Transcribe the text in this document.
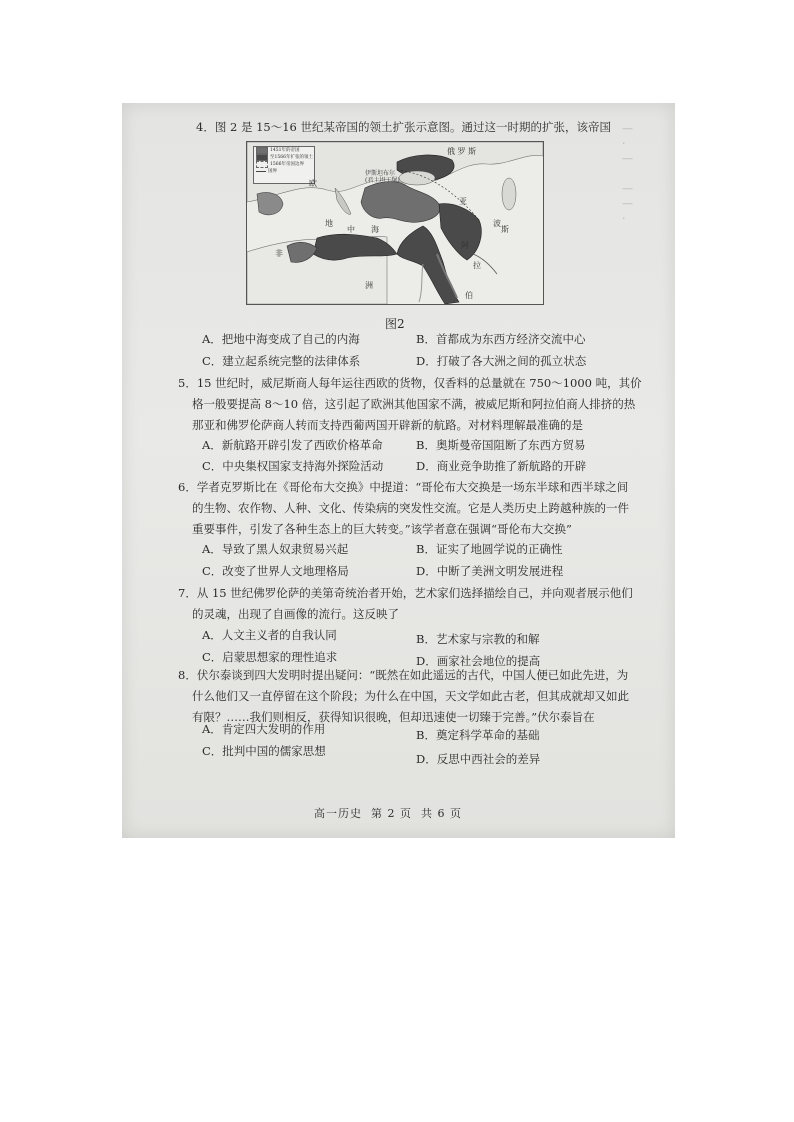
—
·
—

—
—
·

4．图 2 是 15～16 世纪某帝国的领土扩张示意图。通过这一时期的扩张，该帝国

1451年的帝国
至1566年扩张的领土
1566年帝国边界
国界
俄 罗 斯
伊斯坦布尔
(君士坦丁堡)
欧
地
中 海
亚
波
斯
非
洲
阿
拉
伯
图2
A．把地中海变成了自己的内海	B．首都成为东西方经济交流中心
C．建立起系统完整的法律体系	D．打破了各大洲之间的孤立状态

5．15 世纪时，威尼斯商人每年运往西欧的货物，仅香料的总量就在 750～1000 吨，其价

格一般要提高 8～10 倍，这引起了欧洲其他国家不满，被威尼斯和阿拉伯商人排挤的热

那亚和佛罗伦萨商人转而支持西葡两国开辟新的航路。对材料理解最准确的是

A．新航路开辟引发了西欧价格革命	B．奥斯曼帝国阻断了东西方贸易
C．中央集权国家支持海外探险活动	D．商业竞争助推了新航路的开辟

6．学者克罗斯比在《哥伦布大交换》中提道：“哥伦布大交换是一场东半球和西半球之间

的生物、农作物、人种、文化、传染病的突发性交流。它是人类历史上跨越种族的一件

重要事件，引发了各种生态上的巨大转变。”该学者意在强调“哥伦布大交换”

A．导致了黑人奴隶贸易兴起	B．证实了地圆学说的正确性
C．改变了世界人文地理格局	D．中断了美洲文明发展进程

7．从 15 世纪佛罗伦萨的美第奇统治者开始，艺术家们选择描绘自己，并向观者展示他们

的灵魂，出现了自画像的流行。这反映了

A．人文主义者的自我认同	B．艺术家与宗教的和解
C．启蒙思想家的理性追求	D．画家社会地位的提高

8．伏尔泰谈到四大发明时提出疑问：“既然在如此遥远的古代，中国人便已如此先进，为

什么他们又一直停留在这个阶段；为什么在中国，天文学如此古老，但其成就却又如此

有限？……我们则相反，获得知识很晚，但却迅速使一切臻于完善。”伏尔泰旨在

A．肯定四大发明的作用	B．奠定科学革命的基础
C．批判中国的儒家思想
D．反思中西社会的差异
高一历史  第 2 页  共 6 页
